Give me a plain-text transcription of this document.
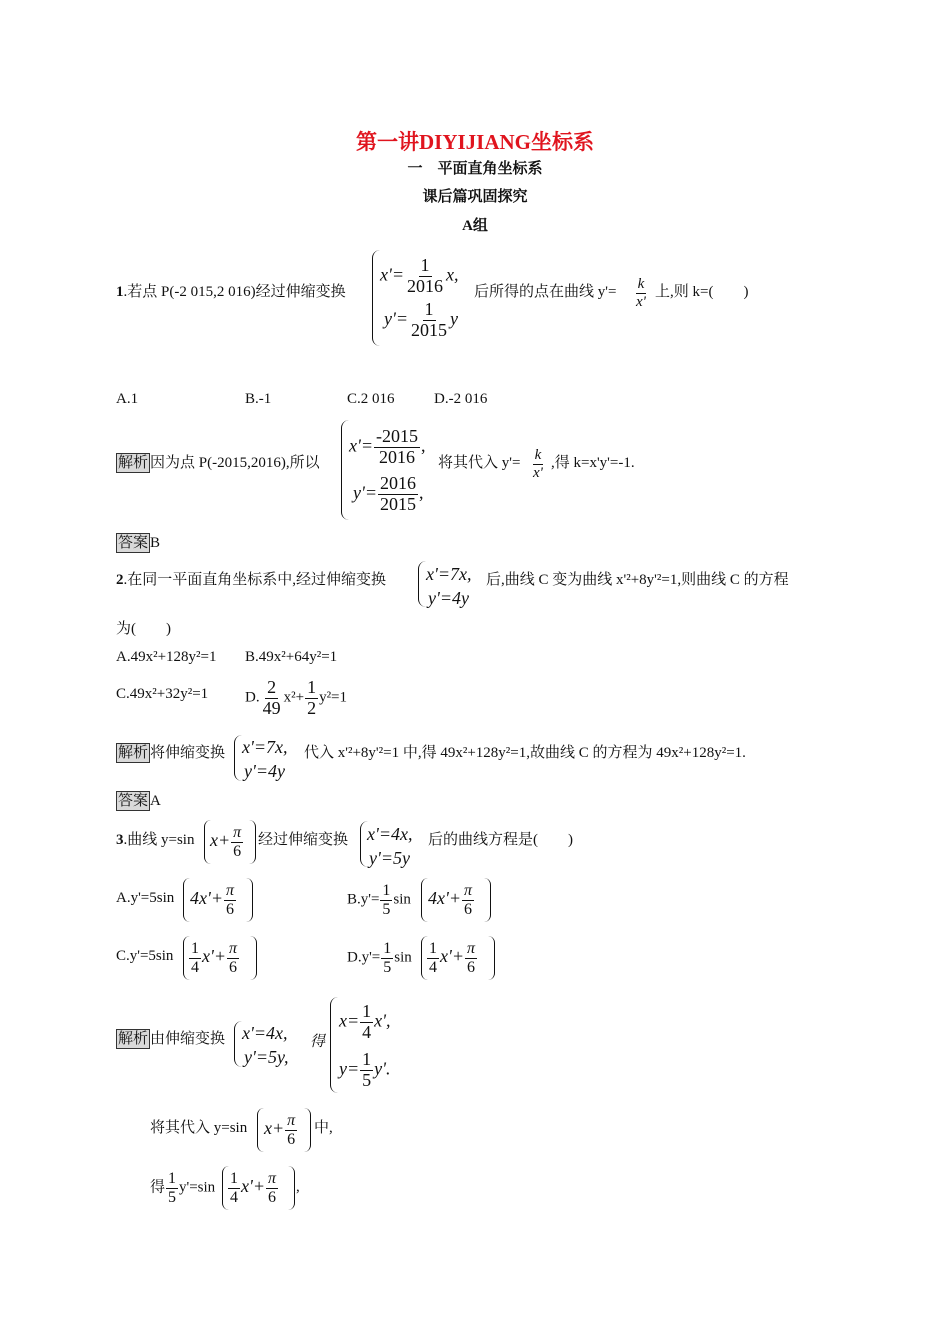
第一讲DIYIJIANG坐标系
一　平面直角坐标系
课后篇巩固探究
A组
1.若点 P(-2 015,2 016)经过伸缩变换
$x'= \frac{1}{2016} x$,
$y'= \frac{1}{2015}$ y
后所得的点在曲线 $y'= \frac{k}{x'}$ 上,则 k=(　　)
A.1	B.-1	C.2 016	D.-2 016
解析 因为点 P(-2015,2016),所以
$x'= \frac{-2015}{2016}$ ,
$y'= \frac{2016}{2015}$ ,
将其代入 $y'= \frac{k}{x'}$ ,得 k=x'y'=-1.
答案 B
2.在同一平面直角坐标系中,经过伸缩变换 x'=7x,
y'=4y
后,曲线 C 变为曲线 x'²+8y'²=1,则曲线 C 的方程
为(　　)
A.49x²+128y²=1 B.49x²+64y²=1
C.49x²+32y²=1 D. $\frac{2}{49} x^2+ \frac{1}{2} y^2=1$
解析 将伸缩变换 x'=7x,
y'=4y
代入 x'²+8y'²=1 中,得 49x²+128y²=1,故曲线 C 的方程为 49x²+128y²=1.
答案 A
3.曲线 y=sin $x+ \frac{\pi}{6}$ 经过伸缩变换 x'=4x,
y'=5y
后的曲线方程是(　　)
A.y'=5sin $4x'+ \frac{\pi}{6}$	$B.y'= \frac{1}{5}$ $\sin 4x'+ \frac{\pi}{6}$
$C.y'=5\sin \frac{1}{4} x'+ \frac{\pi}{6}$	$D.y'= \frac{1}{5}$ $\sin \frac{1}{4} x'+ \frac{\pi}{6}$
解析 由伸缩变换 x'=4x,
y'=5y,
得
$x= \frac{1}{4} x'$,
$y= \frac{1}{5} y'$.
将其代入 y=sin $x+ \frac{\pi}{6}$ 中,
得 $\frac{1}{5} y'=\sin \frac{1}{4} x'+ \frac{\pi}{6}$ ,
